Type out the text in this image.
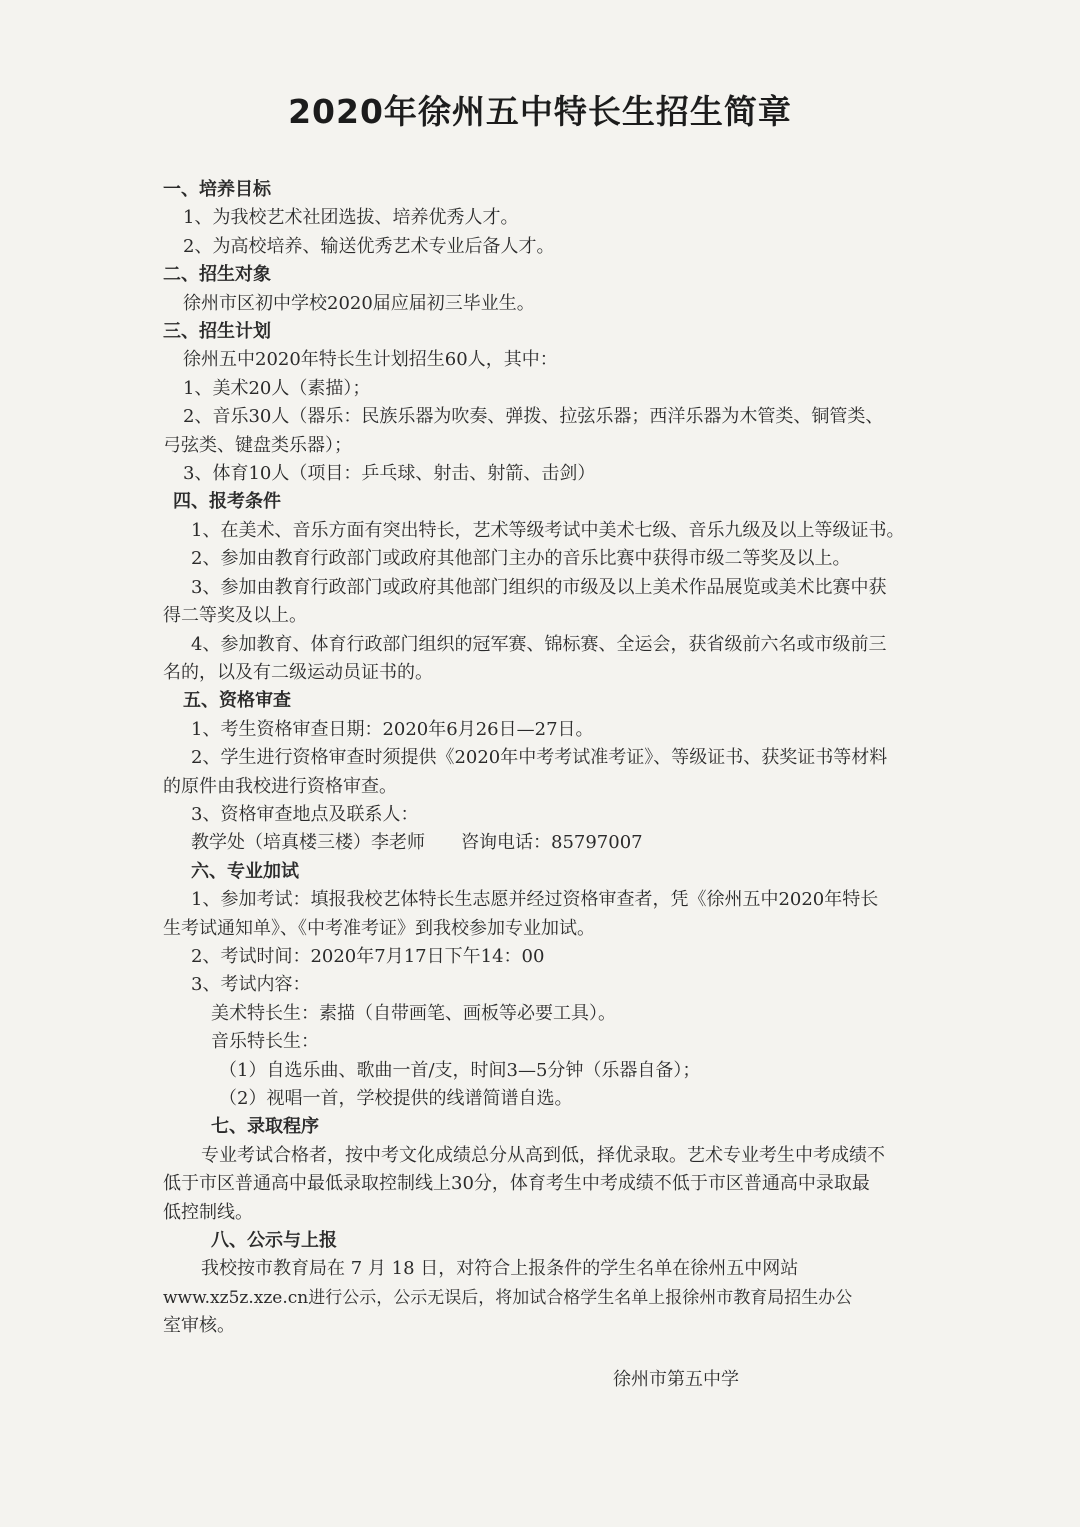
2020年徐州五中特长生招生简章
一、培养目标
1、为我校艺术社团选拔、培养优秀人才。
2、为高校培养、输送优秀艺术专业后备人才。
二、招生对象
徐州市区初中学校2020届应届初三毕业生。
三、招生计划
徐州五中2020年特长生计划招生60人，其中：
1、美术20人（素描）；
2、音乐30人（器乐：民族乐器为吹奏、弹拨、拉弦乐器；西洋乐器为木管类、铜管类、
弓弦类、键盘类乐器）；
3、体育10人（项目：乒乓球、射击、射箭、击剑）
四、报考条件
1、在美术、音乐方面有突出特长，艺术等级考试中美术七级、音乐九级及以上等级证书。
2、参加由教育行政部门或政府其他部门主办的音乐比赛中获得市级二等奖及以上。
3、参加由教育行政部门或政府其他部门组织的市级及以上美术作品展览或美术比赛中获
得二等奖及以上。
4、参加教育、体育行政部门组织的冠军赛、锦标赛、全运会，获省级前六名或市级前三
名的，以及有二级运动员证书的。
五、资格审查
1、考生资格审查日期：2020年6月26日—27日。
2、学生进行资格审查时须提供《2020年中考考试准考证》、等级证书、获奖证书等材料
的原件由我校进行资格审查。
3、资格审查地点及联系人：
教学处（培真楼三楼）李老师　　咨询电话：85797007
六、专业加试
1、参加考试：填报我校艺体特长生志愿并经过资格审查者，凭《徐州五中2020年特长
生考试通知单》、《中考准考证》到我校参加专业加试。
2、考试时间：2020年7月17日下午14：00
3、考试内容：
美术特长生：素描（自带画笔、画板等必要工具）。
音乐特长生：
（1）自选乐曲、歌曲一首/支，时间3—5分钟（乐器自备）；
（2）视唱一首，学校提供的线谱简谱自选。
七、录取程序
专业考试合格者，按中考文化成绩总分从高到低，择优录取。艺术专业考生中考成绩不
低于市区普通高中最低录取控制线上30分，体育考生中考成绩不低于市区普通高中录取最
低控制线。
八、公示与上报
我校按市教育局在 7 月 18 日，对符合上报条件的学生名单在徐州五中网站
www.xz5z.xze.cn进行公示，公示无误后，将加试合格学生名单上报徐州市教育局招生办公
室审核。
徐州市第五中学
